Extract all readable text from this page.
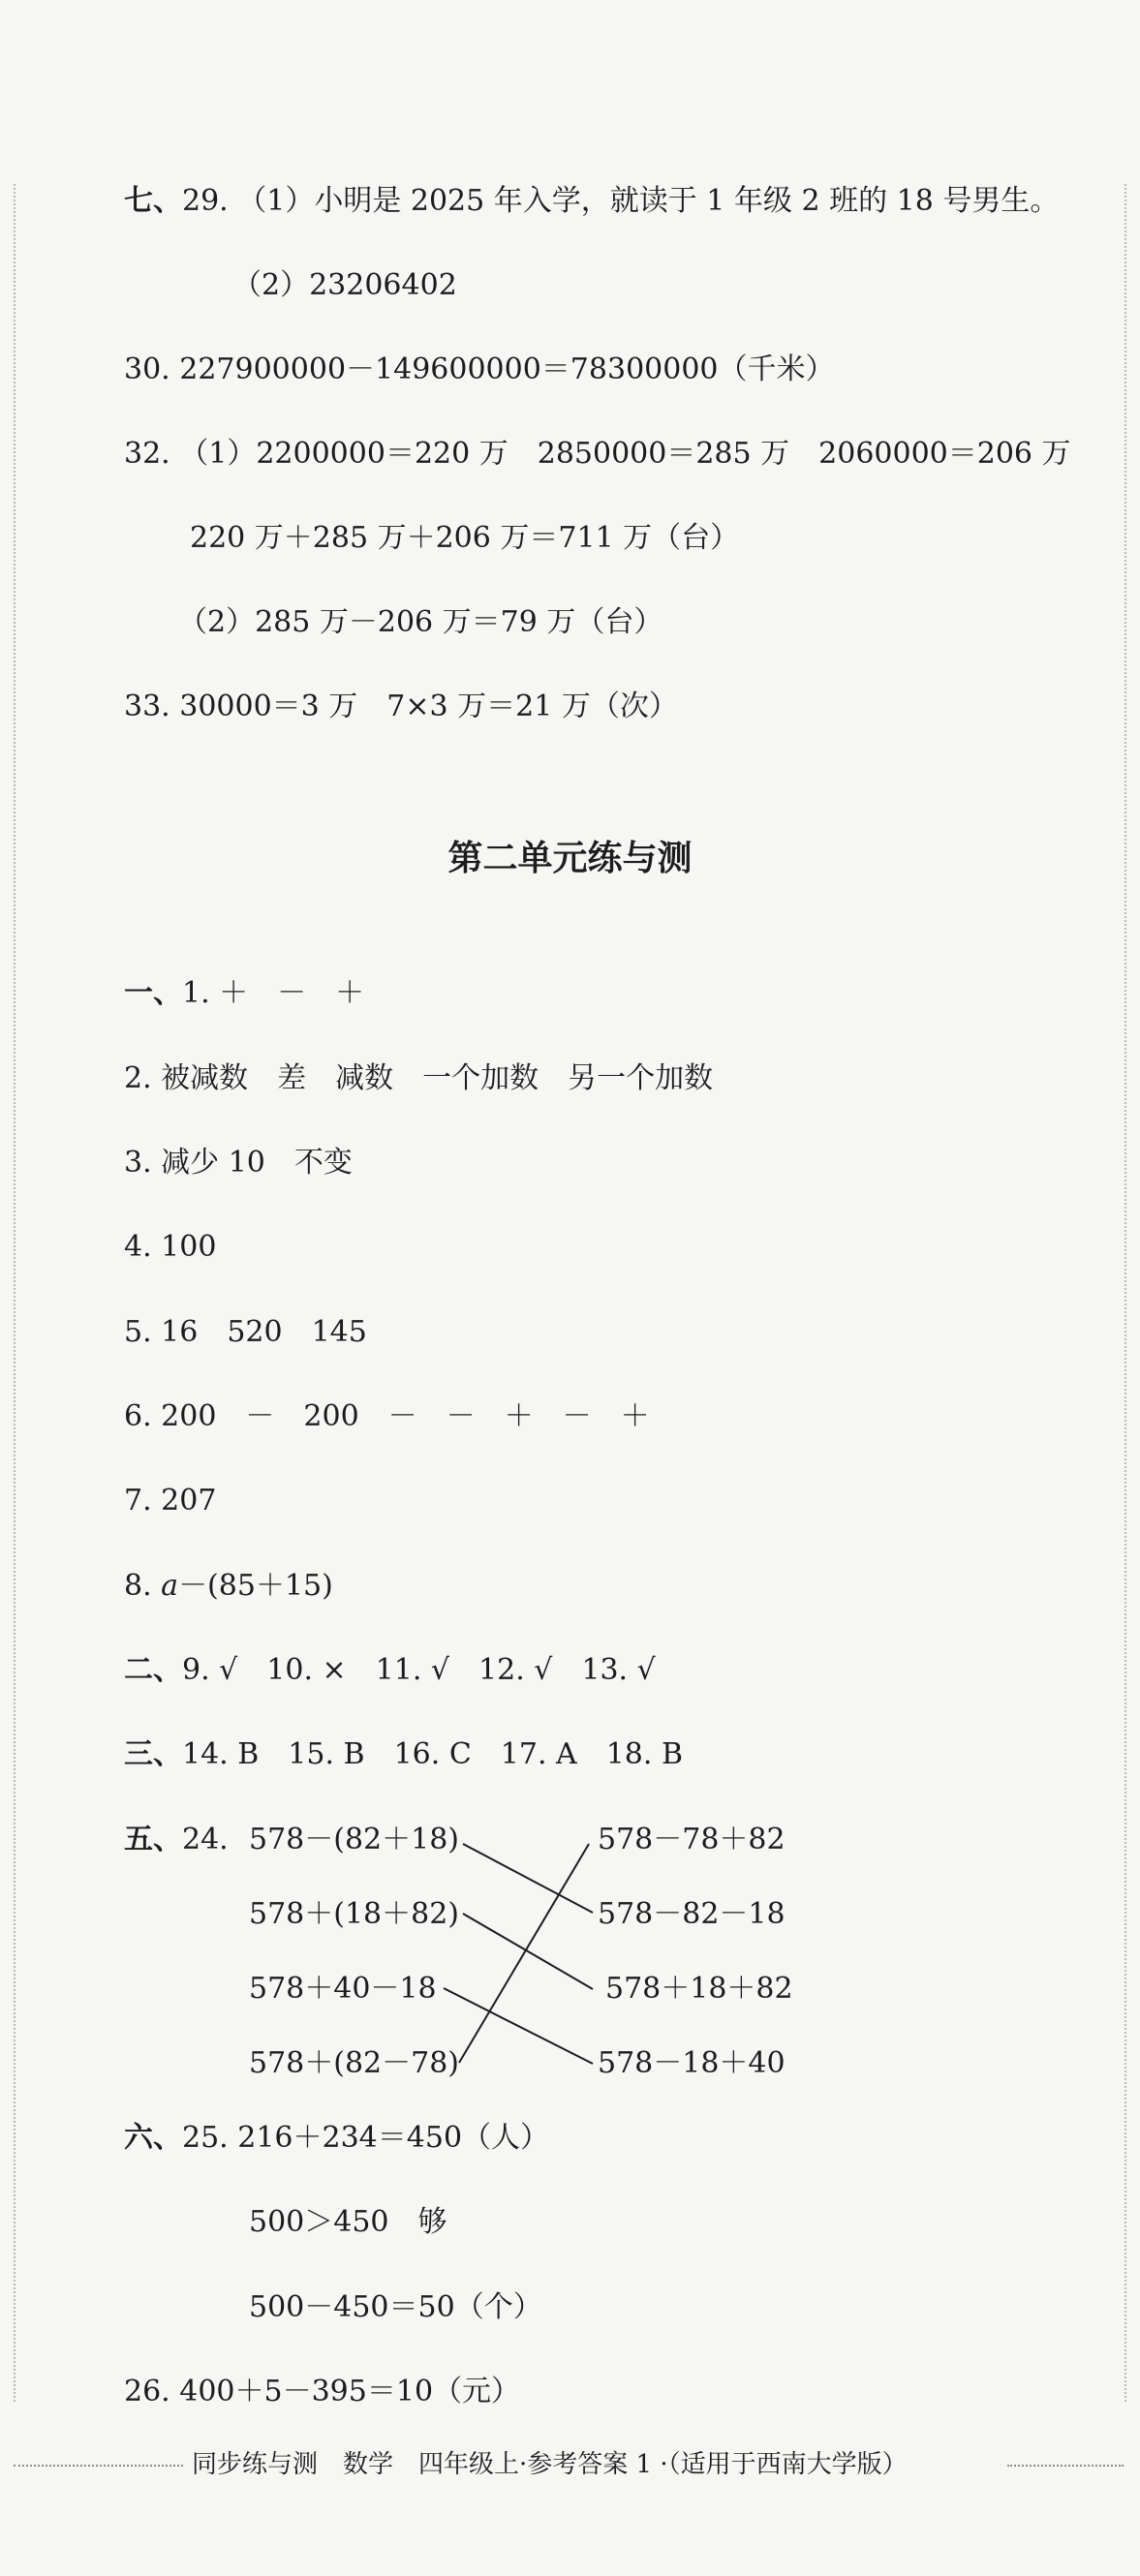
七、29. （1）小明是 2025 年入学，就读于 1 年级 2 班的 18 号男生。
（2）23206402
30. 227900000－149600000＝78300000（千米）
32. （1）2200000＝220 万　2850000＝285 万　2060000＝206 万
220 万＋285 万＋206 万＝711 万（台）
（2）285 万－206 万＝79 万（台）
33. 30000＝3 万　7×3 万＝21 万（次）
第二单元练与测
一、1. ＋　－　＋
2. 被减数　差　减数　一个加数　另一个加数
3. 减少 10　不变
4. 100
5. 16　520　145
6. 200　－　200　－　－　＋　－　＋
7. 207
8. a－(85＋15)
二、9. √　10. ×　11. √　12. √　13. √
三、14. B　15. B　16. C　17. A　18. B
五、24. 578－(82＋18)
578＋(18＋82)
578＋40－18
578＋(82－78)
578－78＋82
578－82－18
578＋18＋82
578－18＋40
六、25. 216＋234＝450（人）
500＞450　够
500－450＝50（个）
26. 400＋5－395＝10（元）
同步练与测　数学　四年级上·参考答案 1 ·（适用于西南大学版）
